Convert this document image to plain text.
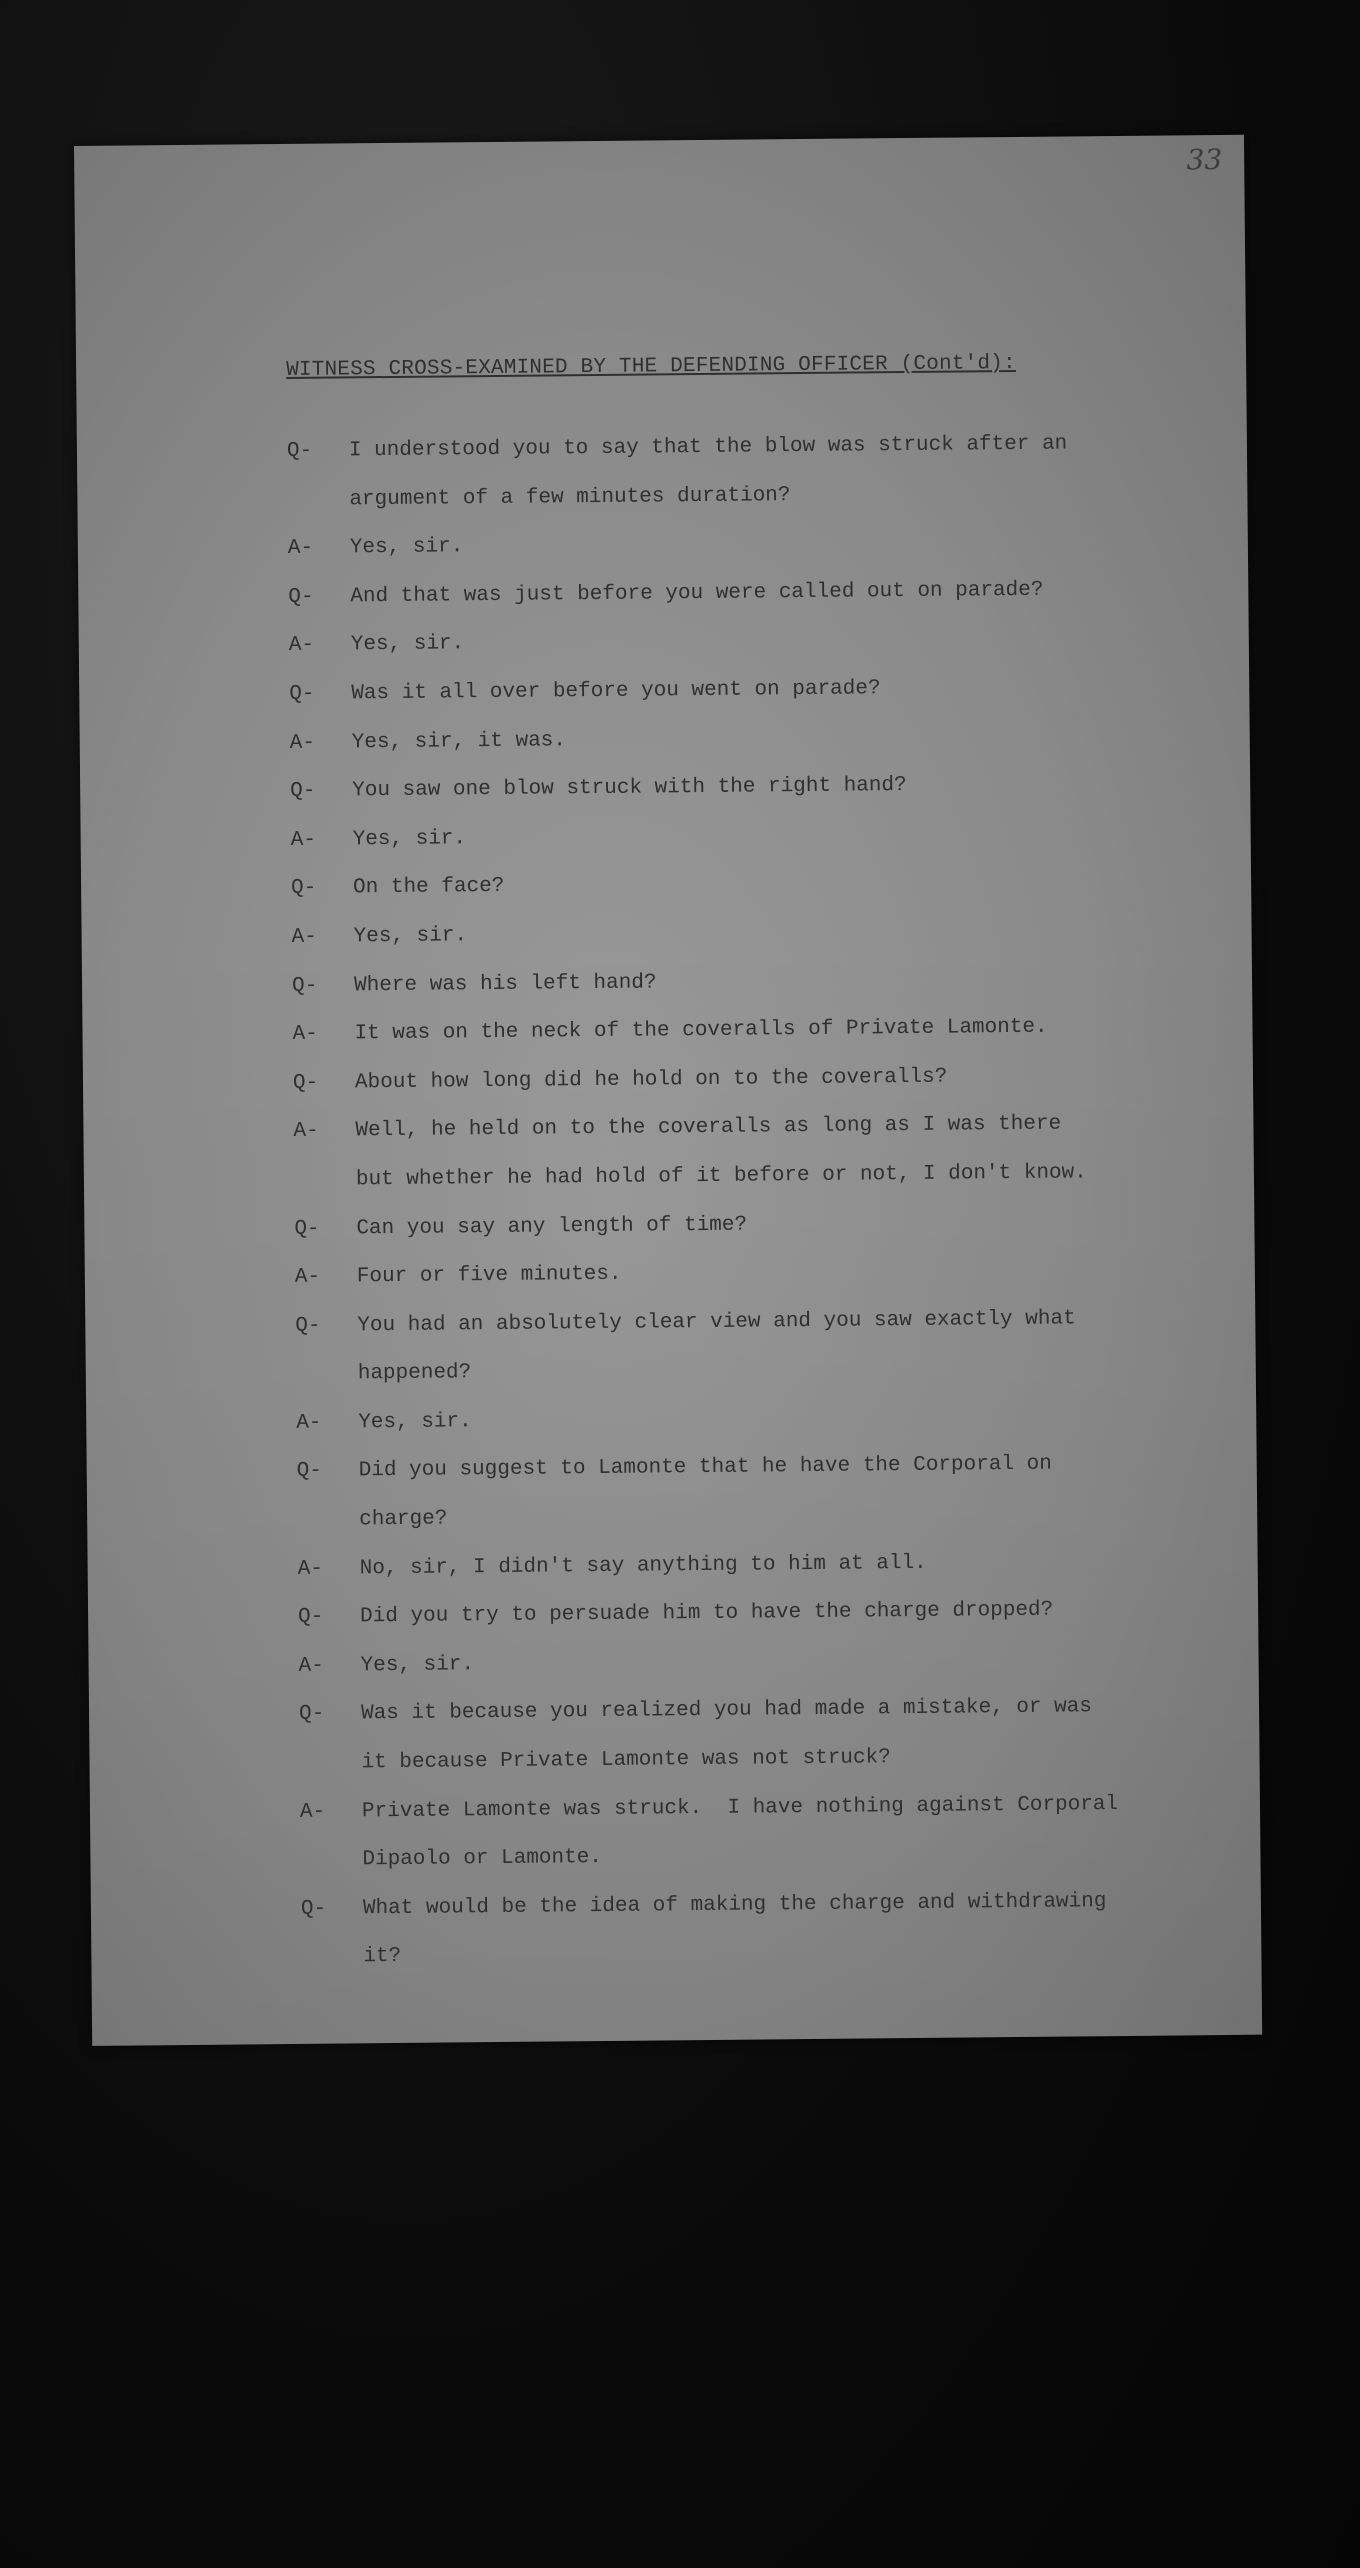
33
WITNESS CROSS-EXAMINED BY THE DEFENDING OFFICER (Cont'd):
Q-	I understood you to say that the blow was struck after an
argument of a few minutes duration?
A-	Yes, sir.
Q-	And that was just before you were called out on parade?
A-	Yes, sir.
Q-	Was it all over before you went on parade?
A-	Yes, sir, it was.
Q-	You saw one blow struck with the right hand?
A-	Yes, sir.
Q-	On the face?
A-	Yes, sir.
Q-	Where was his left hand?
A-	It was on the neck of the coveralls of Private Lamonte.
Q-	About how long did he hold on to the coveralls?
A-	Well, he held on to the coveralls as long as I was there
but whether he had hold of it before or not, I don't know.
Q-	Can you say any length of time?
A-	Four or five minutes.
Q-	You had an absolutely clear view and you saw exactly what
happened?
A-	Yes, sir.
Q-	Did you suggest to Lamonte that he have the Corporal on
charge?
A-	No, sir, I didn't say anything to him at all.
Q-	Did you try to persuade him to have the charge dropped?
A-	Yes, sir.
Q-	Was it because you realized you had made a mistake, or was
it because Private Lamonte was not struck?
A-	Private Lamonte was struck.  I have nothing against Corporal
Dipaolo or Lamonte.
Q-	What would be the idea of making the charge and withdrawing
it?
